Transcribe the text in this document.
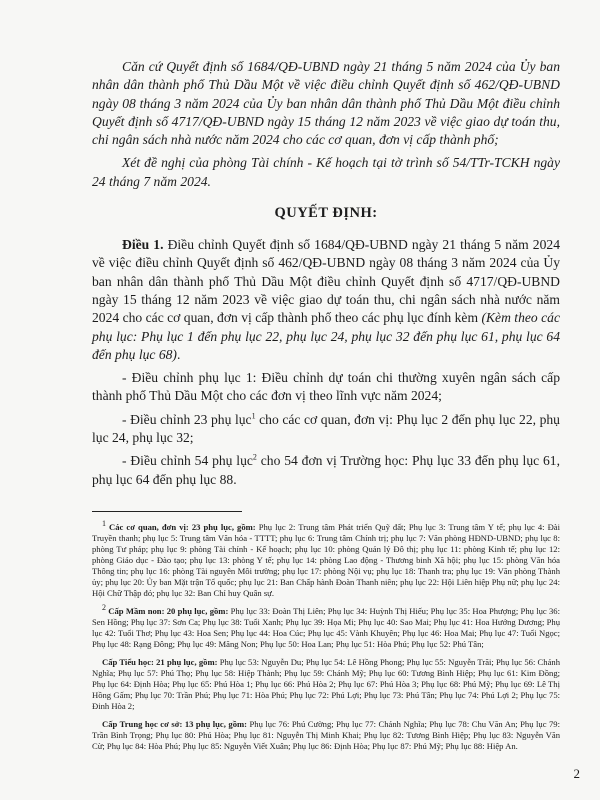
Căn cứ Quyết định số 1684/QĐ-UBND ngày 21 tháng 5 năm 2024 của Ủy ban nhân dân thành phố Thủ Dầu Một về việc điều chỉnh Quyết định số 462/QĐ-UBND ngày 08 tháng 3 năm 2024 của Ủy ban nhân dân thành phố Thủ Dầu Một điều chỉnh Quyết định số 4717/QĐ-UBND ngày 15 tháng 12 năm 2023 về việc giao dự toán thu, chi ngân sách nhà nước năm 2024 cho các cơ quan, đơn vị cấp thành phố;

Xét đề nghị của phòng Tài chính - Kế hoạch tại tờ trình số 54/TTr-TCKH ngày 24 tháng 7 năm 2024.

QUYẾT ĐỊNH:

Điều 1. Điều chỉnh Quyết định số 1684/QĐ-UBND ngày 21 tháng 5 năm 2024 về việc điều chỉnh Quyết định số 462/QĐ-UBND ngày 08 tháng 3 năm 2024 của Ủy ban nhân dân thành phố Thủ Dầu Một điều chỉnh Quyết định số 4717/QĐ-UBND ngày 15 tháng 12 năm 2023 về việc giao dự toán thu, chi ngân sách nhà nước năm 2024 cho các cơ quan, đơn vị cấp thành phố theo các phụ lục đính kèm (Kèm theo các phụ lục: Phụ lục 1 đến phụ lục 22, phụ lục 24, phụ lục 32 đến phụ lục 61, phụ lục 64 đến phụ lục 68).

- Điều chỉnh phụ lục 1: Điều chỉnh dự toán chi thường xuyên ngân sách cấp thành phố Thủ Dầu Một cho các đơn vị theo lĩnh vực năm 2024;

- Điều chỉnh 23 phụ lục$^1$ cho các cơ quan, đơn vị: Phụ lục 2 đến phụ lục 22, phụ lục 24, phụ lục 32;

- Điều chỉnh 54 phụ lục$^2$ cho 54 đơn vị Trường học: Phụ lục 33 đến phụ lục 61, phụ lục 64 đến phụ lục 88.

$^1$ Các cơ quan, đơn vị: 23 phụ lục, gồm: Phụ lục 2: Trung tâm Phát triển Quỹ đất; Phụ lục 3: Trung tâm Y tế; phụ lục 4: Đài Truyền thanh; phụ lục 5: Trung tâm Văn hóa - TTTT; phụ lục 6: Trung tâm Chính trị; phụ lục 7: Văn phòng HĐND-UBND; phụ lục 8: phòng Tư pháp; phụ lục 9: phòng Tài chính - Kế hoạch; phụ lục 10: phòng Quản lý Đô thị; phụ lục 11: phòng Kinh tế; phụ lục 12: phòng Giáo dục - Đào tạo; phụ lục 13: phòng Y tế; phụ lục 14: phòng Lao động - Thương binh Xã hội; phụ lục 15: phòng Văn hóa Thông tin; phụ lục 16: phòng Tài nguyên Môi trường; phụ lục 17: phòng Nội vụ; phụ lục 18: Thanh tra; phụ lục 19: Văn phòng Thành ủy; phụ lục 20: Ủy ban Mặt trận Tổ quốc; phụ lục 21: Ban Chấp hành Đoàn Thanh niên; phụ lục 22: Hội Liên hiệp Phụ nữ; phụ lục 24: Hội Chữ Thập đỏ; phụ lục 32: Ban Chỉ huy Quân sự.

$^2$ Cấp Mầm non: 20 phụ lục, gồm: Phụ lục 33: Đoàn Thị Liên; Phụ lục 34: Huỳnh Thị Hiếu; Phụ lục 35: Hoa Phượng; Phụ lục 36: Sen Hồng; Phụ lục 37: Sơn Ca; Phụ lục 38: Tuổi Xanh; Phụ lục 39: Họa Mi; Phụ lục 40: Sao Mai; Phụ lục 41: Hoa Hướng Dương; Phụ lục 42: Tuổi Thơ; Phụ lục 43: Hoa Sen; Phụ lục 44: Hoa Cúc; Phụ lục 45: Vành Khuyên; Phụ lục 46: Hoa Mai; Phụ lục 47: Tuổi Ngọc; Phụ lục 48: Rạng Đông; Phụ lục 49: Măng Non; Phụ lục 50: Hoa Lan; Phụ lục 51: Hòa Phú; Phụ lục 52: Phú Tân;

Cấp Tiểu học: 21 phụ lục, gồm: Phụ lục 53: Nguyễn Du; Phụ lục 54: Lê Hồng Phong; Phụ lục 55: Nguyễn Trãi; Phụ lục 56: Chánh Nghĩa; Phụ lục 57: Phú Thọ; Phụ lục 58: Hiệp Thành; Phụ lục 59: Chánh Mỹ; Phụ lục 60: Tương Bình Hiệp; Phụ lục 61: Kim Đồng; Phụ lục 64: Định Hòa; Phụ lục 65: Phú Hòa 1; Phụ lục 66: Phú Hòa 2; Phụ lục 67: Phú Hòa 3; Phụ lục 68: Phú Mỹ; Phụ lục 69: Lê Thị Hồng Gấm; Phụ lục 70: Trần Phú; Phụ lục 71: Hòa Phú; Phụ lục 72: Phú Lợi; Phụ lục 73: Phú Tân; Phụ lục 74: Phú Lợi 2; Phụ lục 75: Đinh Hòa 2;

Cấp Trung học cơ sở: 13 phụ lục, gồm: Phụ lục 76: Phú Cường; Phụ lục 77: Chánh Nghĩa; Phụ lục 78: Chu Văn An; Phụ lục 79: Trần Bình Trọng; Phụ lục 80: Phú Hòa; Phụ lục 81: Nguyễn Thị Minh Khai; Phụ lục 82: Tương Bình Hiệp; Phụ lục 83: Nguyễn Văn Cừ; Phụ lục 84: Hòa Phú; Phụ lục 85: Nguyễn Viết Xuân; Phụ lục 86: Định Hòa; Phụ lục 87: Phú Mỹ; Phụ lục 88: Hiệp An.

2
